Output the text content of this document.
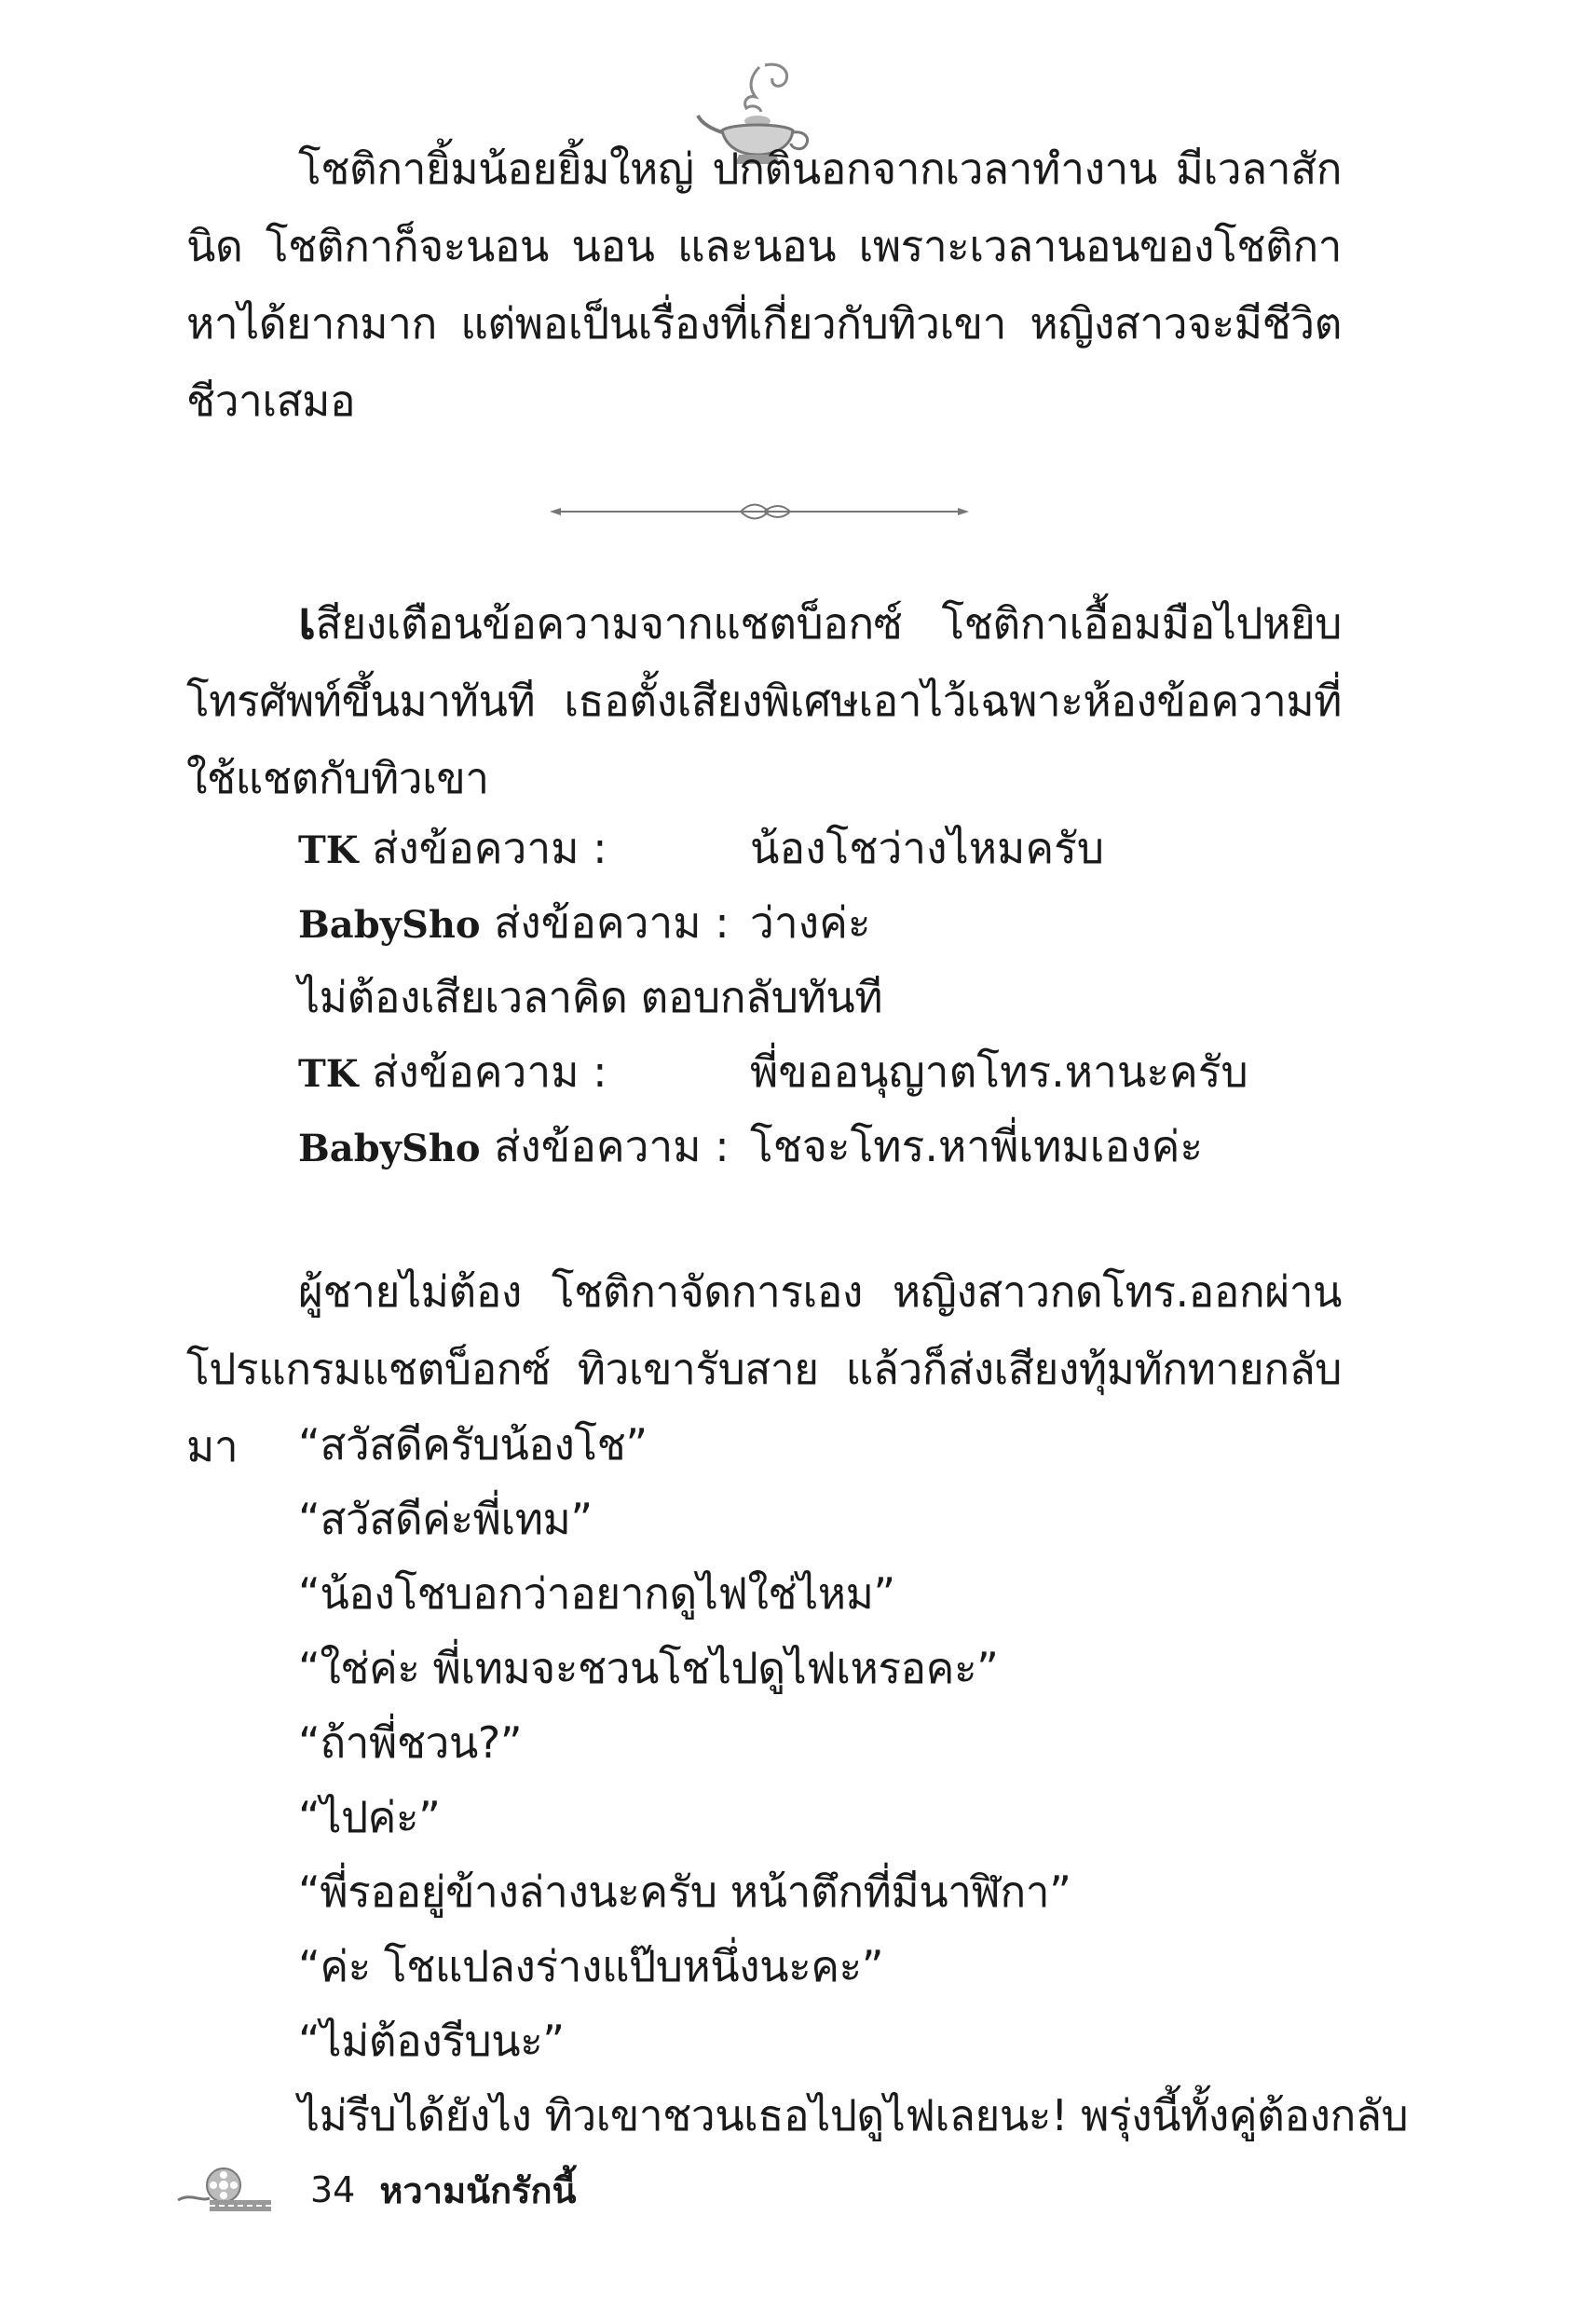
โชติกายิ้มน้อยยิ้มใหญ่ ปกตินอกจากเวลาทำงาน มีเวลาสักนิด โชติกาก็จะนอน นอน และนอน เพราะเวลานอนของโชติกาหาได้ยากมาก แต่พอเป็นเรื่องที่เกี่ยวกับทิวเขา หญิงสาวจะมีชีวิตชีวาเสมอ

เสียงเตือนข้อความจากแชตบ็อกซ์ โชติกาเอื้อมมือไปหยิบโทรศัพท์ขึ้นมาทันที เธอตั้งเสียงพิเศษเอาไว้เฉพาะห้องข้อความที่ใช้แชตกับทิวเขา

TK ส่งข้อความ :	น้องโชว่างไหมครับ
BabySho ส่งข้อความ : ว่างค่ะ
ไม่ต้องเสียเวลาคิด ตอบกลับทันที
TK ส่งข้อความ :	พี่ขออนุญาตโทร.หานะครับ
BabySho ส่งข้อความ : โชจะโทร.หาพี่เทมเองค่ะ

ผู้ชายไม่ต้อง โชติกาจัดการเอง หญิงสาวกดโทร.ออกผ่านโปรแกรมแชตบ็อกซ์ ทิวเขารับสาย แล้วก็ส่งเสียงทุ้มทักทายกลับมา	“สวัสดีครับน้องโช”
“สวัสดีค่ะพี่เทม”
“น้องโชบอกว่าอยากดูไฟใช่ไหม”
“ใช่ค่ะ พี่เทมจะชวนโชไปดูไฟเหรอคะ”
“ถ้าพี่ชวน?”
“ไปค่ะ”
“พี่รออยู่ข้างล่างนะครับ หน้าตึกที่มีนาฬิกา”
“ค่ะ โชแปลงร่างแป๊บหนึ่งนะคะ”
“ไม่ต้องรีบนะ”
ไม่รีบได้ยังไง ทิวเขาชวนเธอไปดูไฟเลยนะ! พรุ่งนี้ทั้งคู่ต้องกลับ
34 หวามนักรักนี้
